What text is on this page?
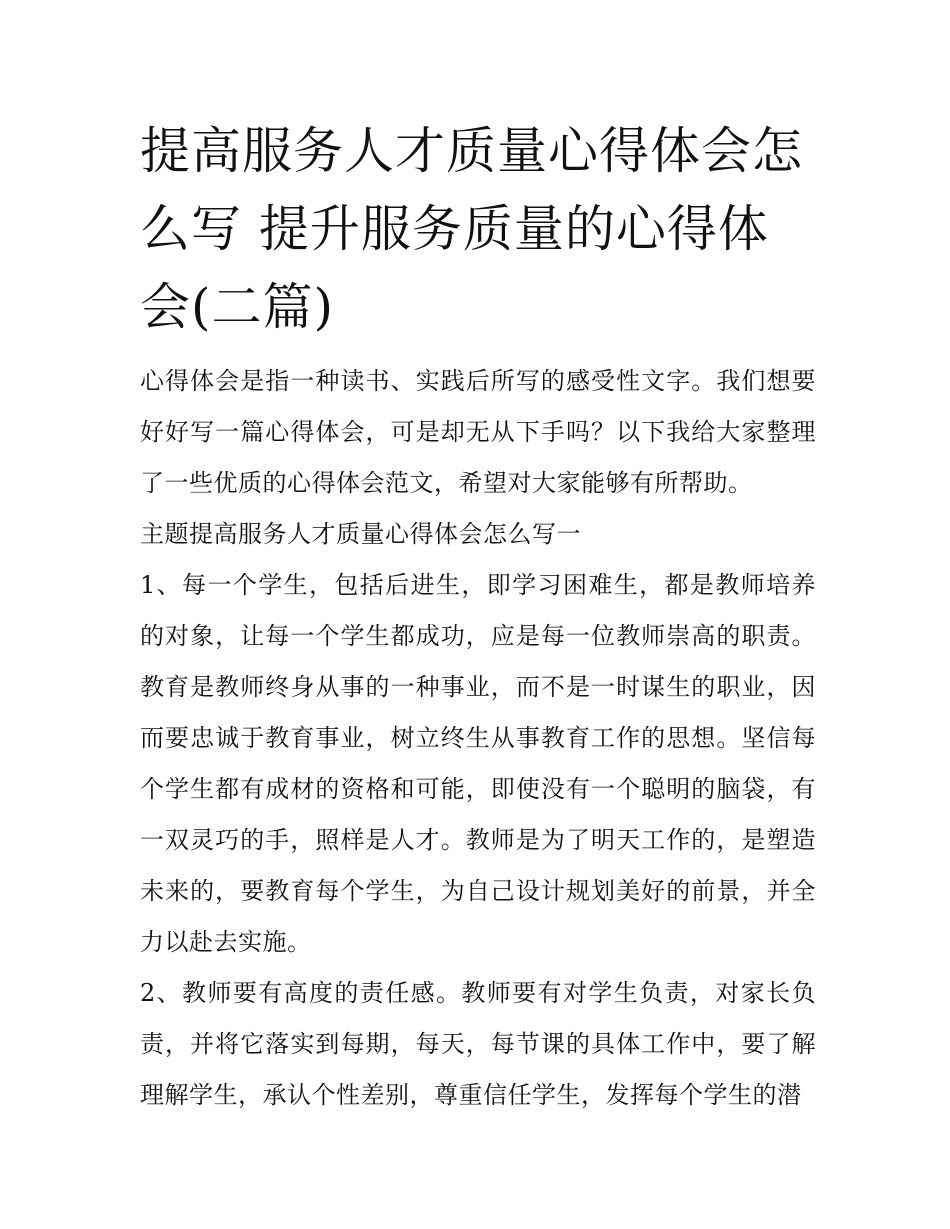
提高服务人才质量心得体会怎么写 提升服务质量的心得体会(二篇)

心得体会是指一种读书、实践后所写的感受性文字。我们想要好好写一篇心得体会，可是却无从下手吗？以下我给大家整理了一些优质的心得体会范文，希望对大家能够有所帮助。

主题提高服务人才质量心得体会怎么写一

1、每一个学生，包括后进生，即学习困难生，都是教师培养的对象，让每一个学生都成功，应是每一位教师崇高的职责。教育是教师终身从事的一种事业，而不是一时谋生的职业，因而要忠诚于教育事业，树立终生从事教育工作的思想。坚信每个学生都有成材的资格和可能，即使没有一个聪明的脑袋，有一双灵巧的手，照样是人才。教师是为了明天工作的，是塑造未来的，要教育每个学生，为自己设计规划美好的前景，并全力以赴去实施。

2、教师要有高度的责任感。教师要有对学生负责，对家长负责，并将它落实到每期，每天，每节课的具体工作中，要了解理解学生，承认个性差别，尊重信任学生，发挥每个学生的潜
